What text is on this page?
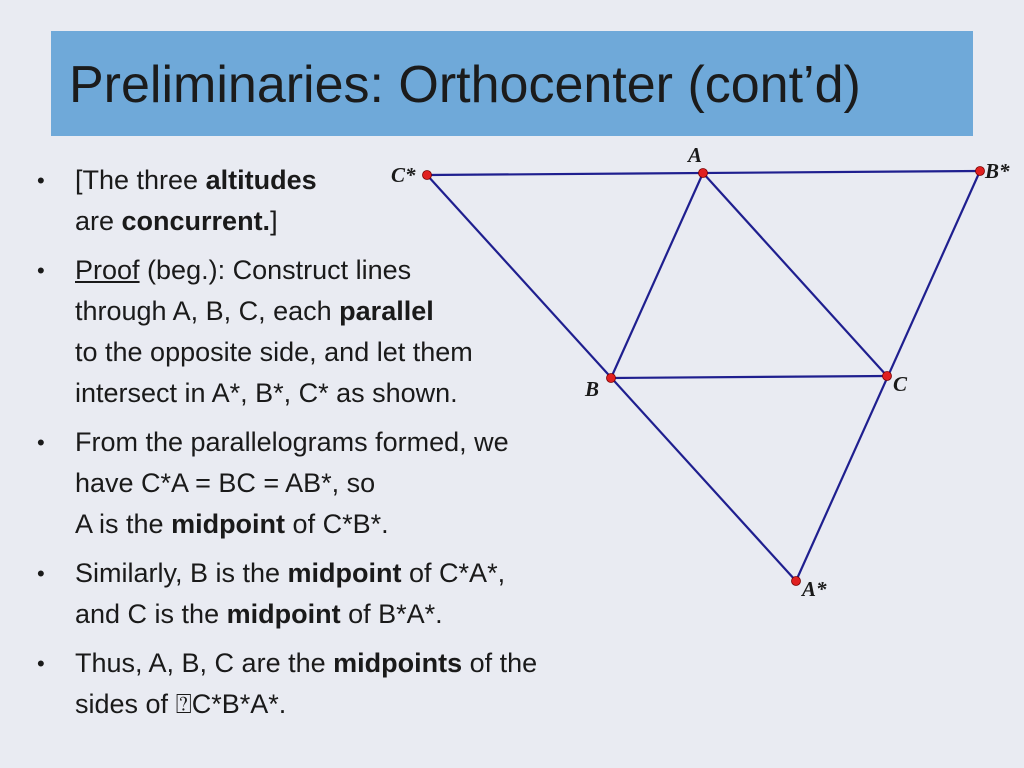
Preliminaries: Orthocenter (cont’d)
• [The three altitudes
are concurrent.]
• Proof (beg.): Construct lines
through A, B, C, each parallel
to the opposite side, and let them
intersect in A*, B*, C* as shown.
• From the parallelograms formed, we
have C*A = BC = AB*, so
A is the midpoint of C*B*.
• Similarly, B is the midpoint of C*A*,
and C is the midpoint of B*A*.
• Thus, A, B, C are the midpoints of the
sides of ⍰C*B*A*.
A
B	C
A*
B*
C*
